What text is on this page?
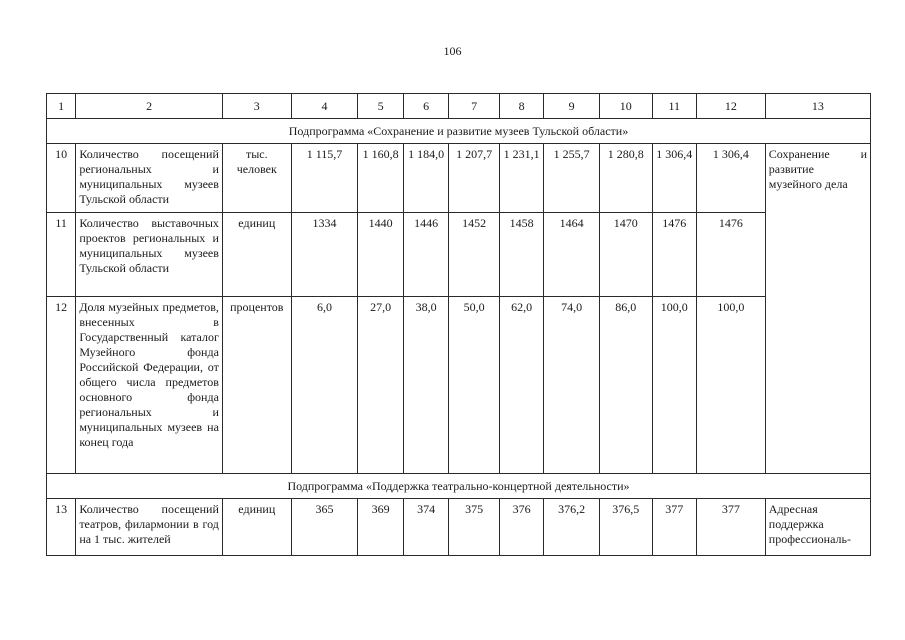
106
1	2	3	4	5	6	7	8	9	10	11	12	13
Подпрограмма «Сохранение и развитие музеев Тульской области»												
10	Количество посещений региональных и муниципальных музеев Тульской области	тыс. человек	1 115,7	1 160,8	1 184,0	1 207,7	1 231,1	1 255,7	1 280,8	1 306,4	1 306,4	Сохранение и развитие музейного дела
11	Количество выставочных проектов региональных и муниципальных музеев Тульской области	единиц	1334	1440	1446	1452	1458	1464	1470	1476	1476	
12	Доля музейных предметов, внесенных в Государственный каталог Музейного фонда Российской Федерации, от общего числа предметов основного фонда региональных и муниципальных музеев на конец года	процентов	6,0	27,0	38,0	50,0	62,0	74,0	86,0	100,0	100,0	
Подпрограмма «Поддержка театрально-концертной деятельности»												
13	Количество посещений театров, филармонии в год на 1 тыс. жителей	единиц	365	369	374	375	376	376,2	376,5	377	377	Адресная поддержка профессиональ-
